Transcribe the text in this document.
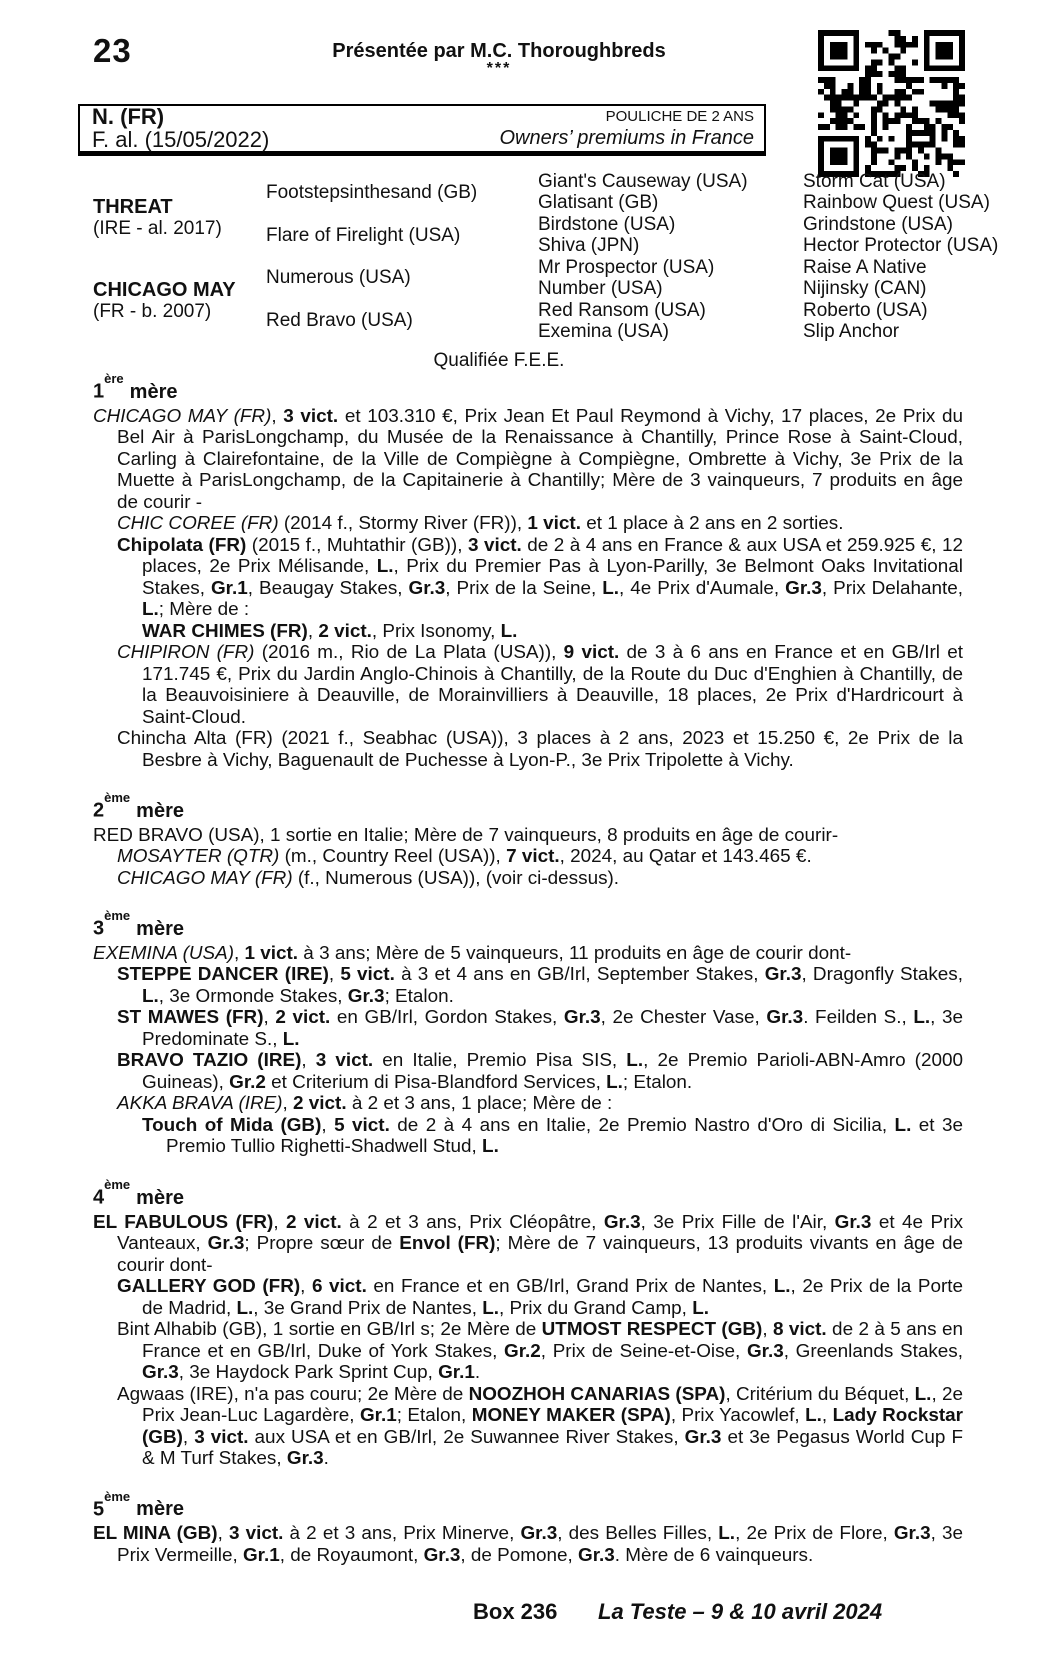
23	Présentée par M.C. Thoroughbreds
***
N. (FR)
F. al. (15/05/2022)
POULICHE DE 2 ANS
Owners’ premiums in France
THREAT
(IRE - al. 2017)
CHICAGO MAY
(FR - b. 2007)
Footstepsinthesand (GB)
Flare of Firelight (USA)
Numerous (USA)
Red Bravo (USA)
Giant's Causeway (USA)
Glatisant (GB)
Birdstone (USA)
Shiva (JPN)
Mr Prospector (USA)
Number (USA)
Red Ransom (USA)
Exemina (USA)
Storm Cat (USA)
Rainbow Quest (USA)
Grindstone (USA)
Hector Protector (USA)
Raise A Native
Nijinsky (CAN)
Roberto (USA)
Slip Anchor
Qualifiée F.E.E.
1èremère

CHICAGO MAY (FR), 3 vict. et 103.310 €, Prix Jean Et Paul Reymond à Vichy, 17 places, 2e Prix du Bel Air à ParisLongchamp, du Musée de la Renaissance à Chantilly, Prince Rose à Saint-Cloud, Carling à Clairefontaine, de la Ville de Compiègne à Compiègne, Ombrette à Vichy, 3e Prix de la Muette à ParisLongchamp, de la Capitainerie à Chantilly; Mère de 3 vainqueurs, 7 produits en âge de courir -

CHIC COREE (FR) (2014 f., Stormy River (FR)), 1 vict. et 1 place à 2 ans en 2 sorties.

Chipolata (FR) (2015 f., Muhtathir (GB)), 3 vict. de 2 à 4 ans en France & aux USA et 259.925 €, 12 places, 2e Prix Mélisande, L., Prix du Premier Pas à Lyon-Parilly, 3e Belmont Oaks Invitational Stakes, Gr.1, Beaugay Stakes, Gr.3, Prix de la Seine, L., 4e Prix d'Aumale, Gr.3, Prix Delahante, L.; Mère de :

WAR CHIMES (FR), 2 vict., Prix Isonomy, L.

CHIPIRON (FR) (2016 m., Rio de La Plata (USA)), 9 vict. de 3 à 6 ans en France et en GB/Irl et 171.745 €, Prix du Jardin Anglo-Chinois à Chantilly, de la Route du Duc d'Enghien à Chantilly, de la Beauvoisiniere à Deauville, de Morainvilliers à Deauville, 18 places, 2e Prix d'Hardricourt à Saint-Cloud.

Chincha Alta (FR) (2021 f., Seabhac (USA)), 3 places à 2 ans, 2023 et 15.250 €, 2e Prix de la Besbre à Vichy, Baguenault de Puchesse à Lyon-P., 3e Prix Tripolette à Vichy.

2èmemère

RED BRAVO (USA), 1 sortie en Italie; Mère de 7 vainqueurs, 8 produits en âge de courir-

MOSAYTER (QTR) (m., Country Reel (USA)), 7 vict., 2024, au Qatar et 143.465 €.

CHICAGO MAY (FR) (f., Numerous (USA)), (voir ci-dessus).

3èmemère

EXEMINA (USA), 1 vict. à 3 ans; Mère de 5 vainqueurs, 11 produits en âge de courir dont-

STEPPE DANCER (IRE), 5 vict. à 3 et 4 ans en GB/Irl, September Stakes, Gr.3, Dragonfly Stakes, L., 3e Ormonde Stakes, Gr.3; Etalon.

ST MAWES (FR), 2 vict. en GB/Irl, Gordon Stakes, Gr.3, 2e Chester Vase, Gr.3. Feilden S., L., 3e Predominate S., L.

BRAVO TAZIO (IRE), 3 vict. en Italie, Premio Pisa SIS, L., 2e Premio Parioli-ABN-Amro (2000 Guineas), Gr.2 et Criterium di Pisa-Blandford Services, L.; Etalon.

AKKA BRAVA (IRE), 2 vict. à 2 et 3 ans, 1 place; Mère de :

Touch of Mida (GB), 5 vict. de 2 à 4 ans en Italie, 2e Premio Nastro d'Oro di Sicilia, L. et 3e Premio Tullio Righetti-Shadwell Stud, L.

4èmemère

EL FABULOUS (FR), 2 vict. à 2 et 3 ans, Prix Cléopâtre, Gr.3, 3e Prix Fille de l'Air, Gr.3 et 4e Prix Vanteaux, Gr.3; Propre sœur de Envol (FR); Mère de 7 vainqueurs, 13 produits vivants en âge de courir dont-

GALLERY GOD (FR), 6 vict. en France et en GB/Irl, Grand Prix de Nantes, L., 2e Prix de la Porte de Madrid, L., 3e Grand Prix de Nantes, L., Prix du Grand Camp, L.

Bint Alhabib (GB), 1 sortie en GB/Irl s; 2e Mère de UTMOST RESPECT (GB), 8 vict. de 2 à 5 ans en France et en GB/Irl, Duke of York Stakes, Gr.2, Prix de Seine-et-Oise, Gr.3, Greenlands Stakes, Gr.3, 3e Haydock Park Sprint Cup, Gr.1.

Agwaas (IRE), n'a pas couru; 2e Mère de NOOZHOH CANARIAS (SPA), Critérium du Béquet, L., 2e Prix Jean-Luc Lagardère, Gr.1; Etalon, MONEY MAKER (SPA), Prix Yacowlef, L., Lady Rockstar (GB), 3 vict. aux USA et en GB/Irl, 2e Suwannee River Stakes, Gr.3 et 3e Pegasus World Cup F & M Turf Stakes, Gr.3.

5èmemère

EL MINA (GB), 3 vict. à 2 et 3 ans, Prix Minerve, Gr.3, des Belles Filles, L., 2e Prix de Flore, Gr.3, 3e Prix Vermeille, Gr.1, de Royaumont, Gr.3, de Pomone, Gr.3. Mère de 6 vainqueurs.

Box 236 La Teste – 9 & 10 avril 2024
